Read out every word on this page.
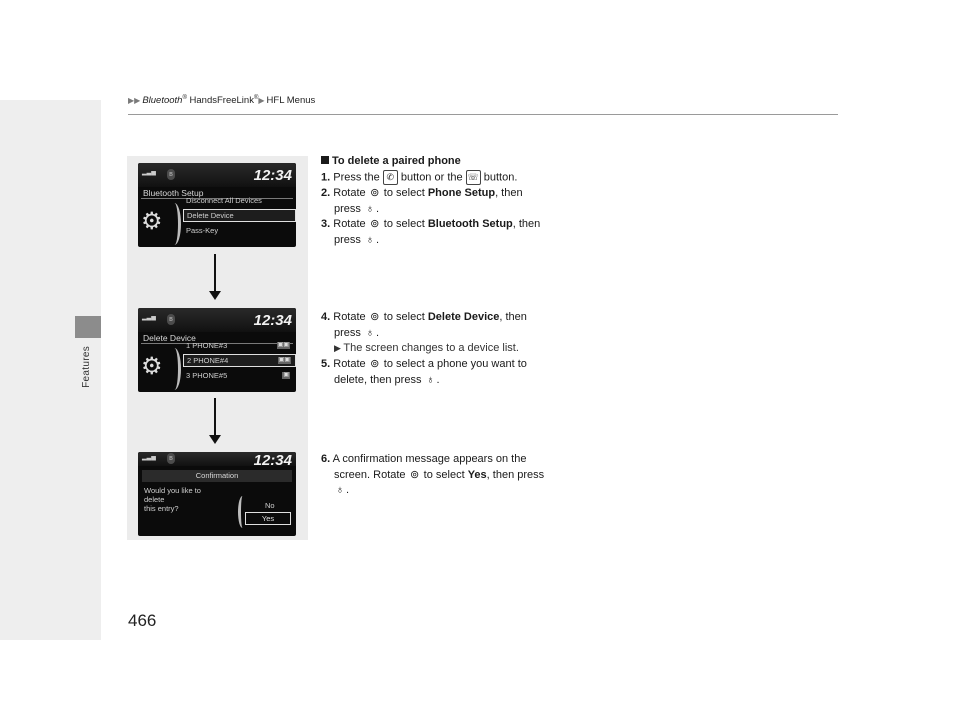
▶▶ Bluetooth® HandsFreeLink®▶ HFL Menus
Features
466
▂▃▅	ʙ	12:34
Bluetooth Setup
⚙
Disconnect All Devices
Delete Device
Pass-Key
▂▃▅	ʙ	12:34
Delete Device
⚙
1 PHONE#3	▣▣
2 PHONE#4	▣▣
3 PHONE#5	▣
▂▃▅	ʙ	12:34
Confirmation
Would you like to
delete
this entry?	No
Yes
To delete a paired phone
1. Press the ✆ button or the ☏ button.
2. Rotate ⊚ to select Phone Setup, then
press ♁ .
3. Rotate ⊚ to select Bluetooth Setup, then
press ♁ .
4. Rotate ⊚ to select Delete Device, then
press ♁ .
▶ The screen changes to a device list.
5. Rotate ⊚ to select a phone you want to
delete, then press ♁ .
6. A confirmation message appears on the
screen. Rotate ⊚ to select Yes, then press
♁ .
